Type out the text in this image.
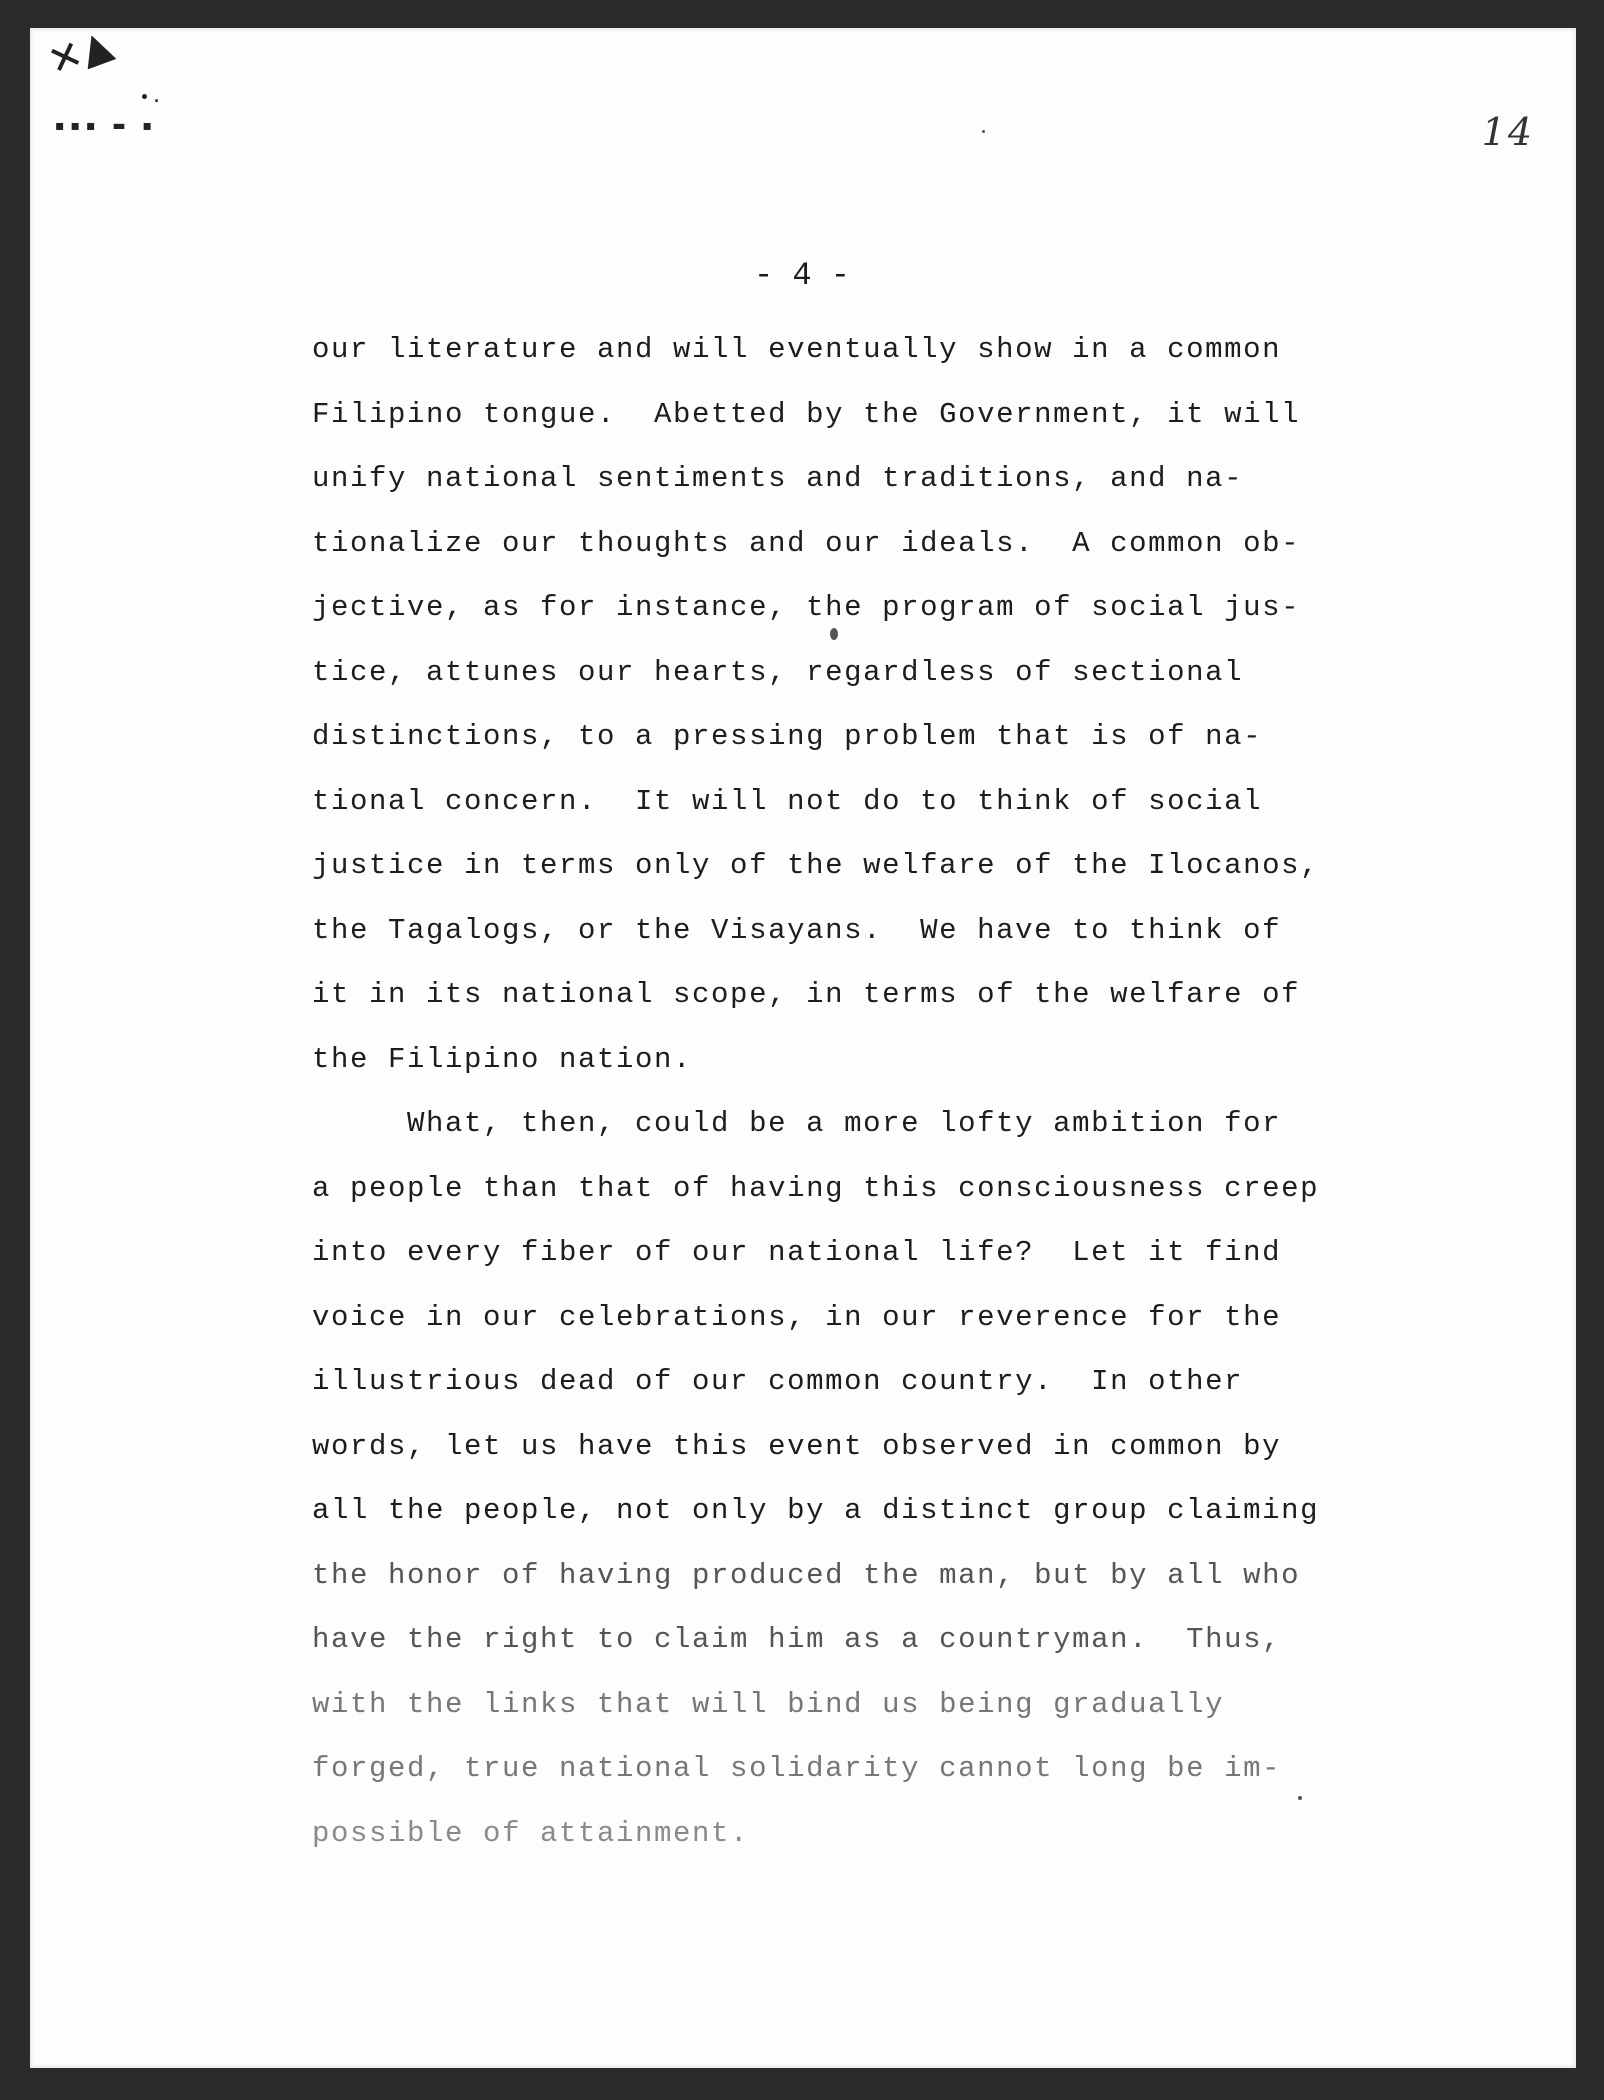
✕▲
• .
▪▪▪ ▬ ▪	14
- 4 -
our literature and will eventually show in a common
Filipino tongue.  Abetted by the Government, it will
unify national sentiments and traditions, and na-
tionalize our thoughts and our ideals.  A common ob-
jective, as for instance, the program of social jus-
tice, attunes our hearts, regardless of sectional
distinctions, to a pressing problem that is of na-
tional concern.  It will not do to think of social
justice in terms only of the welfare of the Ilocanos,
the Tagalogs, or the Visayans.  We have to think of
it in its national scope, in terms of the welfare of
the Filipino nation.
What, then, could be a more lofty ambition for
a people than that of having this consciousness creep
into every fiber of our national life?  Let it find
voice in our celebrations, in our reverence for the
illustrious dead of our common country.  In other
words, let us have this event observed in common by
all the people, not only by a distinct group claiming
the honor of having produced the man, but by all who
have the right to claim him as a countryman.  Thus,
with the links that will bind us being gradually
forged, true national solidarity cannot long be im-
possible of attainment.
